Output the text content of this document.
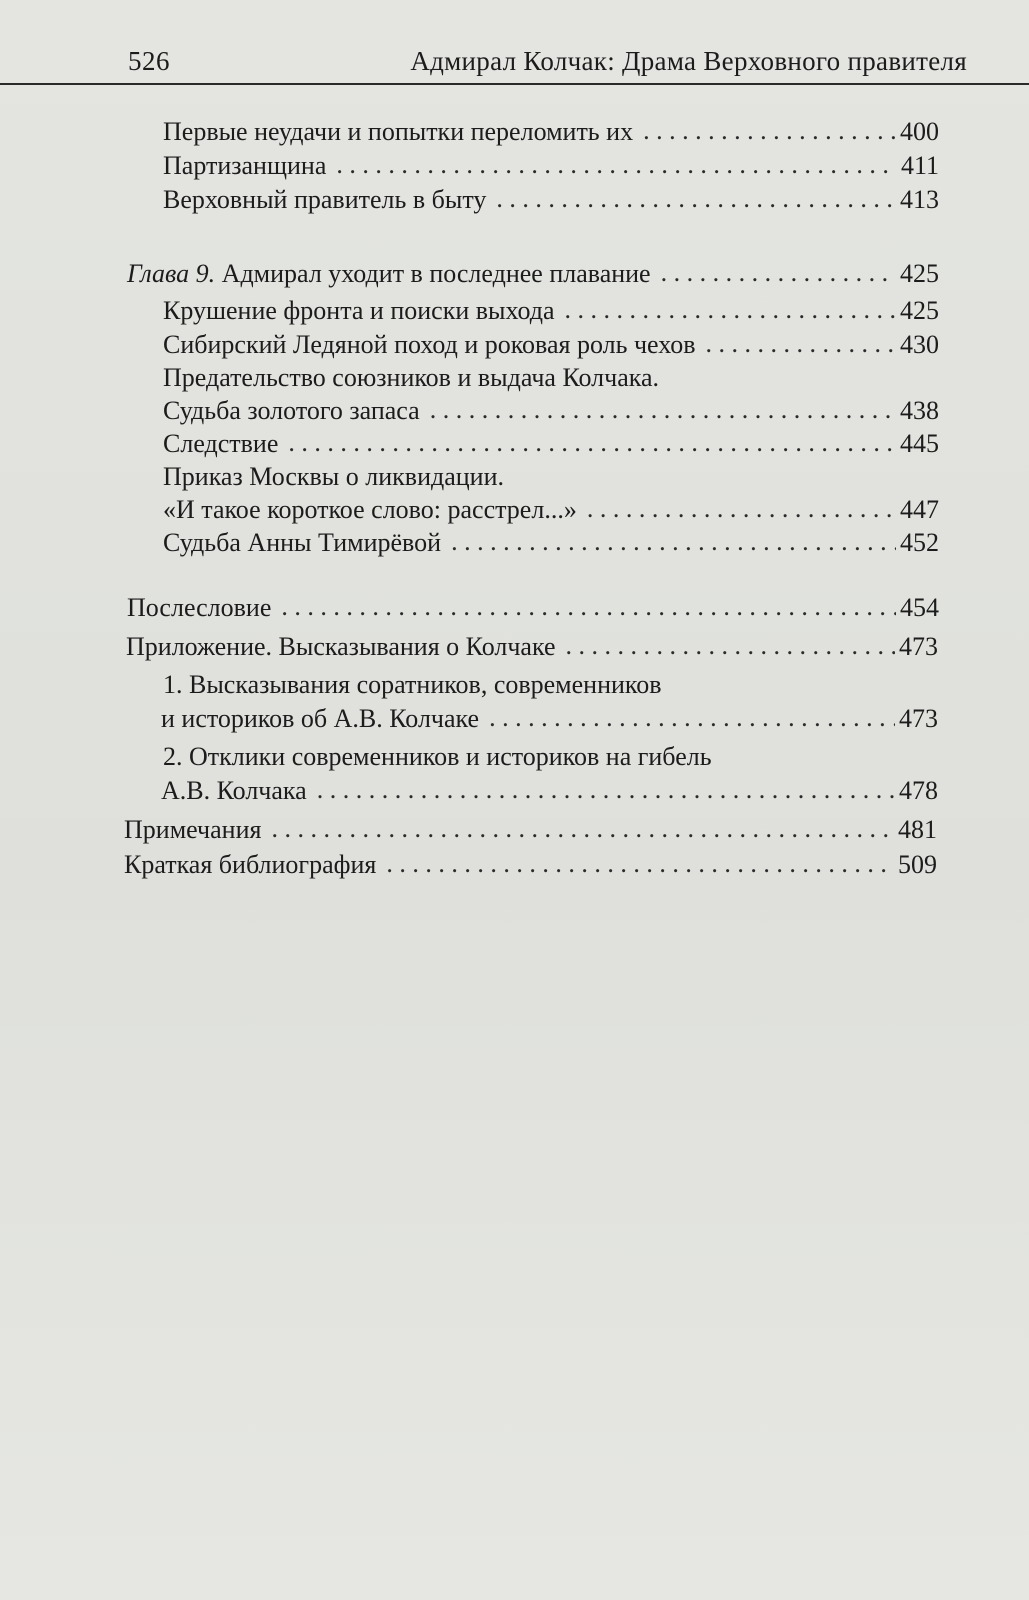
526	Адмирал Колчак: Драма Верховного правителя
Первые неудачи и попытки переломить их . . .	400
Партизанщина . . .	411
Верховный правитель в быту . . .	413
Глава 9. Адмирал уходит в последнее плавание . . .	425
Крушение фронта и поиски выхода . . .	425
Сибирский Ледяной поход и роковая роль чехов . . .	430
Предательство союзников и выдача Колчака.
Судьба золотого запаса . . .	438
Следствие . . .	445
Приказ Москвы о ликвидации.
«И такое короткое слово: расстрел...» . . .	447
Судьба Анны Тимирёвой . . .	452
Послесловие . . .	454
Приложение. Высказывания о Колчаке . . .	473
1. Высказывания соратников, современников
и историков об А.В. Колчаке . . .	473
2. Отклики современников и историков на гибель
А.В. Колчака . . .	478
Примечания . . .	481
Краткая библиография . . .	509
